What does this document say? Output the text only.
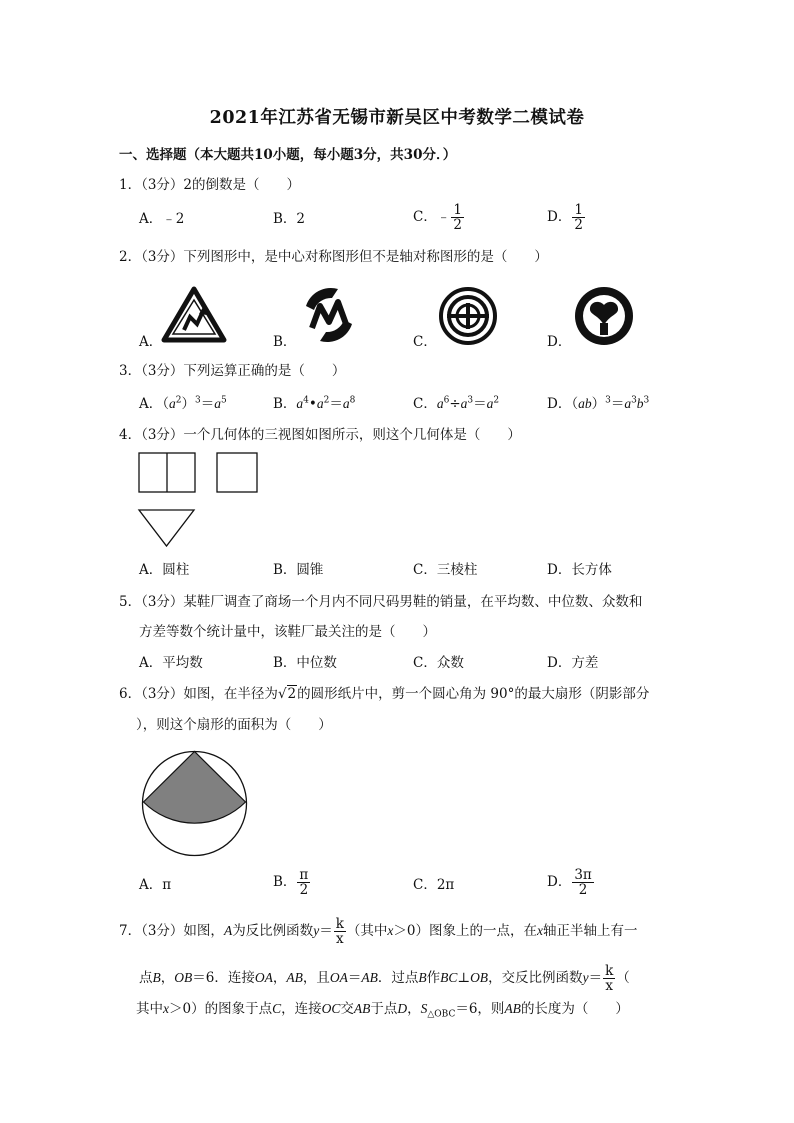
2021年江苏省无锡市新吴区中考数学二模试卷
一、选择题（本大题共10小题，每小题3分，共30分．）
1．（3分）2的倒数是（　　）
A．﹣2	B．2	C．﹣ $\frac{1}{2}$	D． $\frac{1}{2}$
2．（3分）下列图形中，是中心对称图形但不是轴对称图形的是（　　）
A．	B．	C．	D．
3．（3分）下列运算正确的是（　　）
A．$(a^2)^3=a^5$	B．$a^4•a^2=a^8$	C．$a^6\div a^3=a^2$	D．$(ab)^3=a^3b^3$
4．（3分）一个几何体的三视图如图所示，则这个几何体是（　　）
A．圆柱	B．圆锥	C．三棱柱	D．长方体
5．（3分）某鞋厂调查了商场一个月内不同尺码男鞋的销量，在平均数、中位数、众数和
方差等数个统计量中，该鞋厂最关注的是（　　）
A．平均数	B．中位数	C．众数	D．方差
6．（3分）如图，在半径为√2的圆形纸片中，剪一个圆心角为 90°的最大扇形（阴影部分
），则这个扇形的面积为（　　）
A．π	B． $\frac{\pi}{2}$	C．2π	D． $\frac{3\pi}{2}$
7．（3分）如图，A为反比例函数$y= \frac{k}{x}$ （其中x＞0）图象上的一点，在x轴正半轴上有一
点B，OB＝6．连接OA，AB，且OA＝AB．过点B作BC⊥OB，交反比例函数$y= \frac{k}{x}$ （
其中x＞0）的图象于点C，连接OC交AB于点D，$S_{\triangle OBC}=6$，则AB的长度为（　　）
